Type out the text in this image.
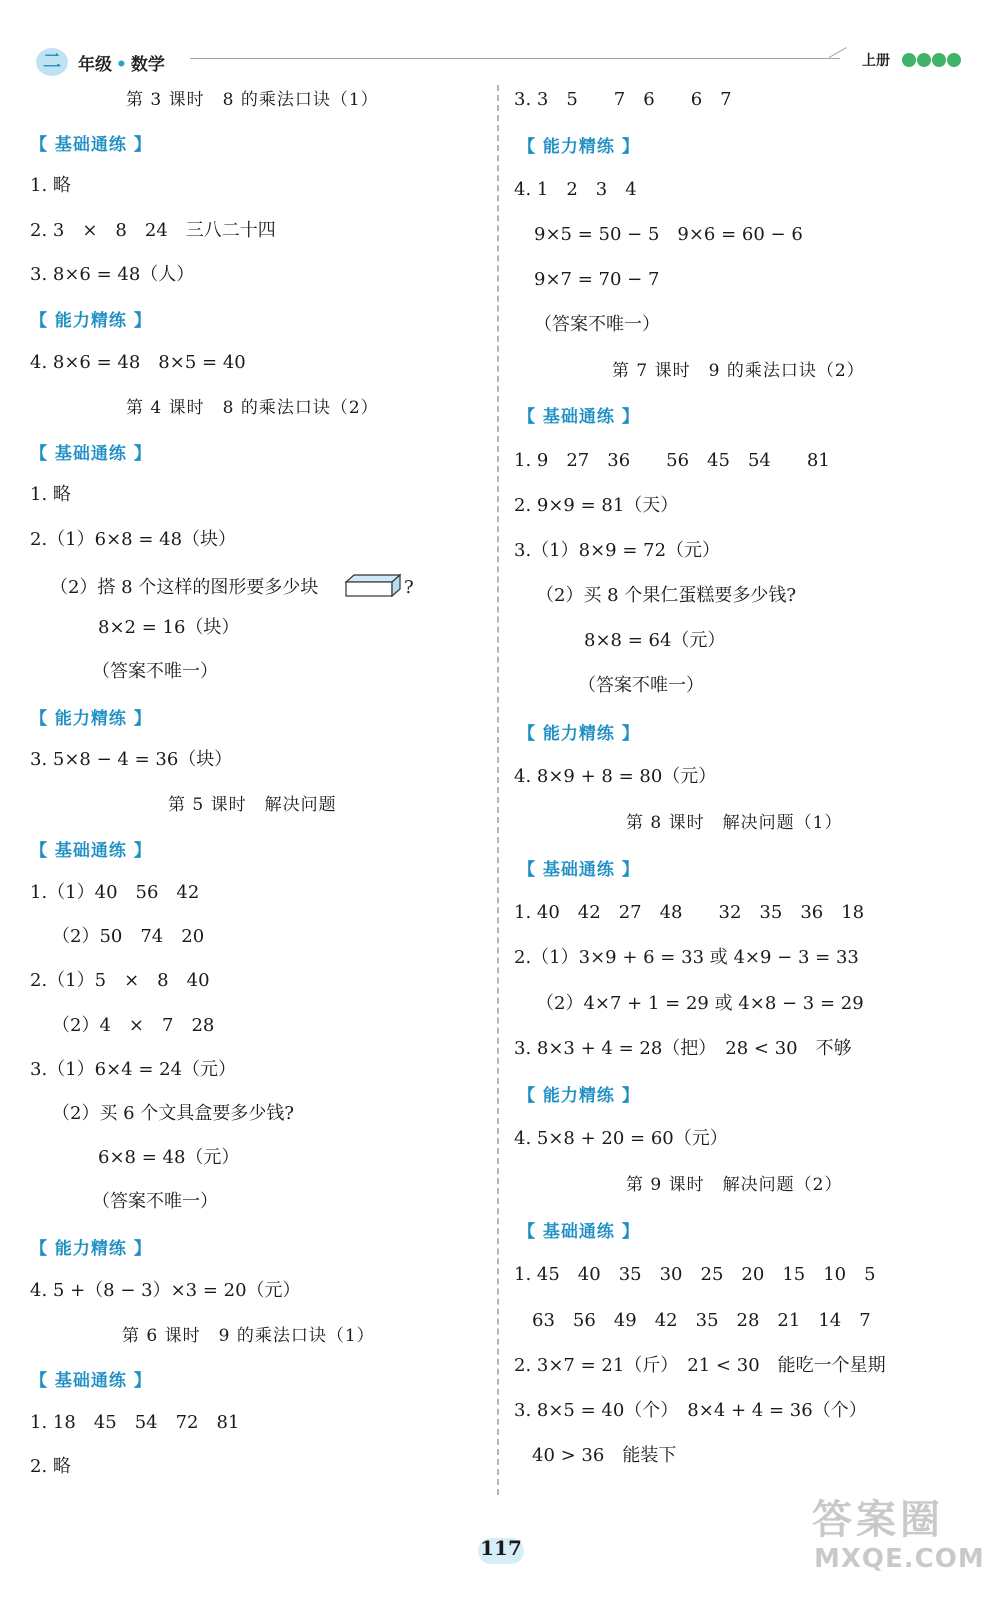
二	年级 • 数学	上册
第 3 课时　8 的乘法口诀（1）
【 基础通练 】
1. 略
2. 3　×　8　24　三八二十四
3. 8×6 = 48（人）
【 能力精练 】
4. 8×6 = 48　8×5 = 40
第 4 课时　8 的乘法口诀（2）
【 基础通练 】
1. 略
2.（1）6×8 = 48（块）
（2）搭 8 个这样的图形要多少块	?
8×2 = 16（块）
（答案不唯一）
【 能力精练 】
3. 5×8 − 4 = 36（块）
第 5 课时　解决问题
【 基础通练 】
1.（1）40　56　42
（2）50　74　20
2.（1）5　×　8　40
（2）4　×　7　28
3.（1）6×4 = 24（元）
（2）买 6 个文具盒要多少钱?
6×8 = 48（元）
（答案不唯一）
【 能力精练 】
4. 5 +（8 − 3）×3 = 20（元）
第 6 课时　9 的乘法口诀（1）
【 基础通练 】
1. 18　45　54　72　81
2. 略
3. 3　5　　7　6　　6　7
【 能力精练 】
4. 1　2　3　4
9×5 = 50 − 5　9×6 = 60 − 6
9×7 = 70 − 7
（答案不唯一）
第 7 课时　9 的乘法口诀（2）
【 基础通练 】
1. 9　27　36　　56　45　54　　81
2. 9×9 = 81（天）
3.（1）8×9 = 72（元）
（2）买 8 个果仁蛋糕要多少钱?
8×8 = 64（元）
（答案不唯一）
【 能力精练 】
4. 8×9 + 8 = 80（元）
第 8 课时　解决问题（1）
【 基础通练 】
1. 40　42　27　48　　32　35　36　18
2.（1）3×9 + 6 = 33 或 4×9 − 3 = 33
（2）4×7 + 1 = 29 或 4×8 − 3 = 29
3. 8×3 + 4 = 28（把）　28 < 30　不够
【 能力精练 】
4. 5×8 + 20 = 60（元）
第 9 课时　解决问题（2）
【 基础通练 】
1. 45　40　35　30　25　20　15　10　5
63　56　49　42　35　28　21　14　7
2. 3×7 = 21（斤）　21 < 30　能吃一个星期
3. 8×5 = 40（个）　8×4 + 4 = 36（个）
40 > 36　能装下
117
答案圈
MXQE.COM
